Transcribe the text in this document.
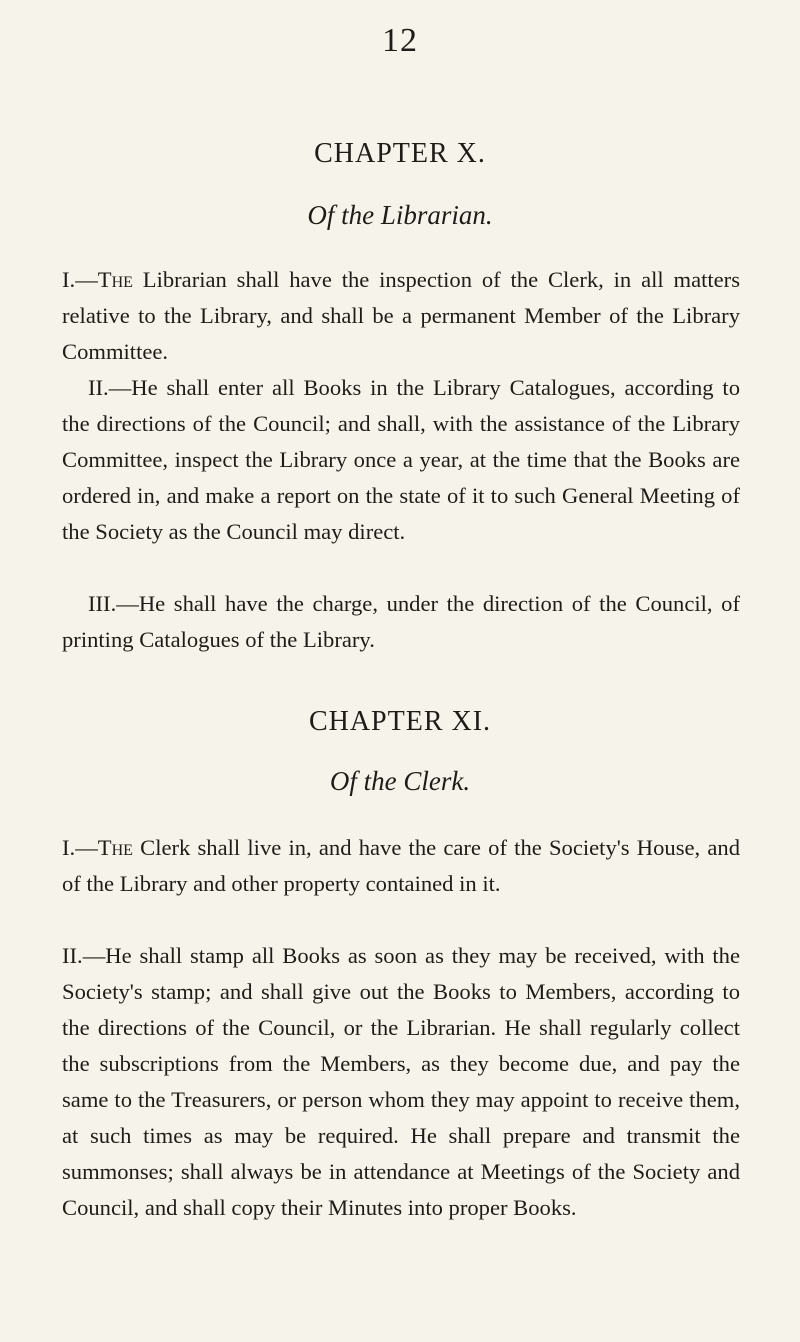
12
CHAPTER X.
Of the Librarian.
I.—The Librarian shall have the inspection of the Clerk, in all matters relative to the Library, and shall be a permanent Member of the Library Committee.
II.—He shall enter all Books in the Library Catalogues, according to the directions of the Council; and shall, with the assistance of the Library Committee, inspect the Library once a year, at the time that the Books are ordered in, and make a report on the state of it to such General Meeting of the Society as the Council may direct.
III.—He shall have the charge, under the direction of the Council, of printing Catalogues of the Library.
CHAPTER XI.
Of the Clerk.
I.—The Clerk shall live in, and have the care of the Society's House, and of the Library and other property contained in it.
II.—He shall stamp all Books as soon as they may be received, with the Society's stamp; and shall give out the Books to Members, according to the directions of the Council, or the Librarian. He shall regularly collect the subscriptions from the Members, as they become due, and pay the same to the Treasurers, or person whom they may appoint to receive them, at such times as may be required. He shall prepare and transmit the summonses; shall always be in attendance at Meetings of the Society and Council, and shall copy their Minutes into proper Books.
